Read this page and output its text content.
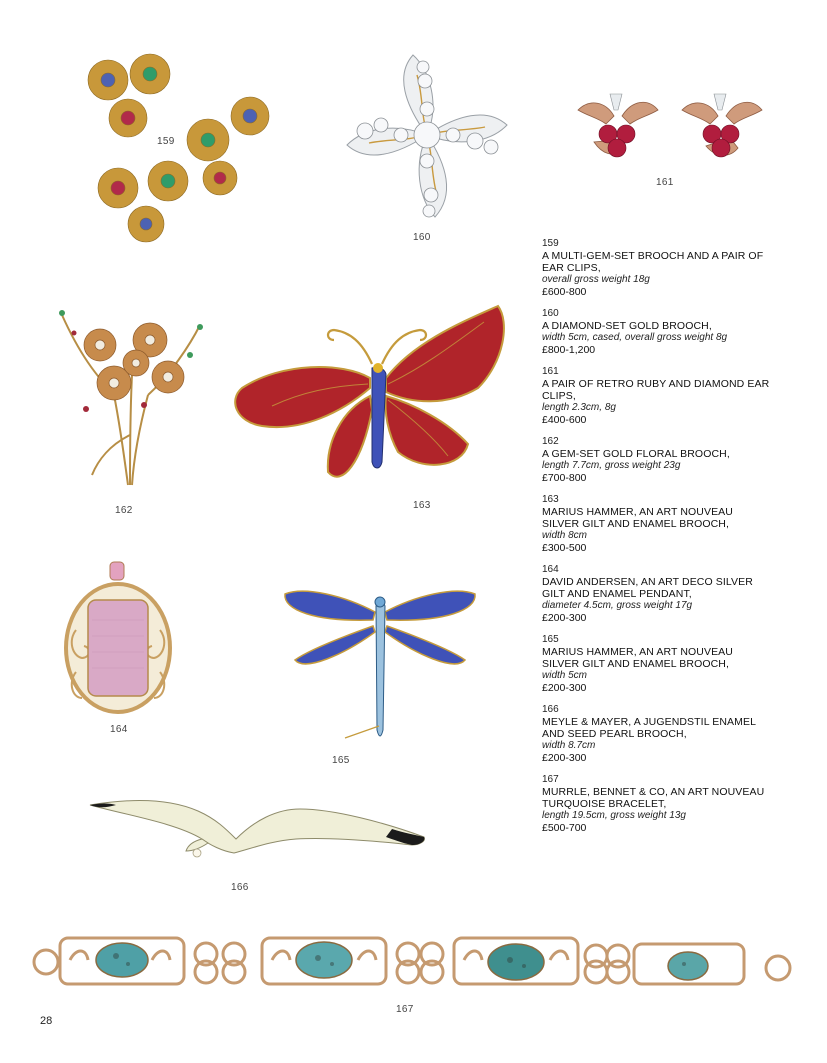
159
160
161
162	163
164
165
166
167
159
A MULTI-GEM-SET BROOCH AND A PAIR OF EAR CLIPS,
overall gross weight 18g
£600-800
160
A DIAMOND-SET GOLD BROOCH,
width 5cm, cased, overall gross weight 8g
£800-1,200
161
A PAIR OF RETRO RUBY AND DIAMOND EAR CLIPS,
length 2.3cm, 8g
£400-600
162
A GEM-SET GOLD FLORAL BROOCH,
length 7.7cm, gross weight 23g
£700-800
163
MARIUS HAMMER, AN ART NOUVEAU SILVER GILT AND ENAMEL BROOCH,
width 8cm
£300-500
164
DAVID ANDERSEN, AN ART DECO SILVER GILT AND ENAMEL PENDANT,
diameter 4.5cm, gross weight 17g
£200-300
165
MARIUS HAMMER, AN ART NOUVEAU SILVER GILT AND ENAMEL BROOCH,
width 5cm
£200-300
166
MEYLE & MAYER, A JUGENDSTIL ENAMEL AND SEED PEARL BROOCH,
width 8.7cm
£200-300
167
MURRLE, BENNET & CO, AN ART NOUVEAU TURQUOISE BRACELET,
length 19.5cm, gross weight 13g
£500-700
28
